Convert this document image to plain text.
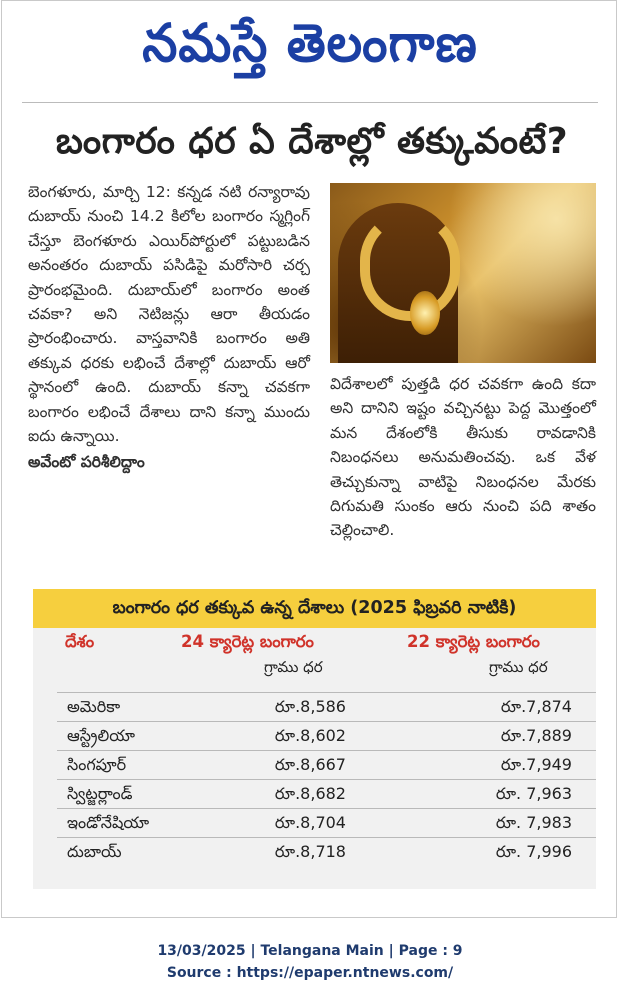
నమస్తే తెలంగాణ
బంగారం ధర ఏ దేశాల్లో తక్కువంటే?
బెంగళూరు, మార్చి 12: కన్నడ నటి రన్యారావు దుబాయ్ నుంచి 14.2 కిలోల బంగారం స్మగ్లింగ్ చేస్తూ బెంగళూరు ఎయిర్‌పోర్టులో పట్టుబడిన అనంతరం దుబాయ్ పసిడిపై మరోసారి చర్చ ప్రారంభమైంది. దుబాయ్‌లో బంగారం అంత చవకా? అని నెటిజన్లు ఆరా తీయడం ప్రారంభించారు. వాస్తవానికి బంగారం అతి తక్కువ ధరకు లభించే దేశాల్లో దుబాయ్ ఆరో స్థానంలో ఉంది. దుబాయ్ కన్నా చవకగా బంగారం లభించే దేశాలు దాని కన్నా ముందు ఐదు ఉన్నాయి.
అవేంటో పరిశీలిద్దాం
విదేశాలలో పుత్తడి ధర చవకగా ఉంది కదా అని దానిని ఇష్టం వచ్చినట్టు పెద్ద మొత్తంలో మన దేశంలోకి తీసుకు రావడానికి నిబంధనలు అనుమతించవు. ఒక వేళ తెచ్చుకున్నా వాటిపై నిబంధనల మేరకు దిగుమతి సుంకం ఆరు నుంచి పది శాతం చెల్లించాలి.
బంగారం ధర తక్కువ ఉన్న దేశాలు (2025 ఫిబ్రవరి నాటికి)
దేశం	24 క్యారెట్ల బంగారం	22 క్యారెట్ల బంగారం
గ్రాము ధర	గ్రాము ధర
అమెరికా	రూ.8,586	రూ.7,874
ఆస్ట్రేలియా	రూ.8,602	రూ.7,889
సింగపూర్	రూ.8,667	రూ.7,949
స్విట్జర్లాండ్	రూ.8,682	రూ. 7,963
ఇండోనేషియా	రూ.8,704	రూ. 7,983
దుబాయ్	రూ.8,718	రూ. 7,996
13/03/2025 | Telangana Main | Page : 9
Source : https://epaper.ntnews.com/
